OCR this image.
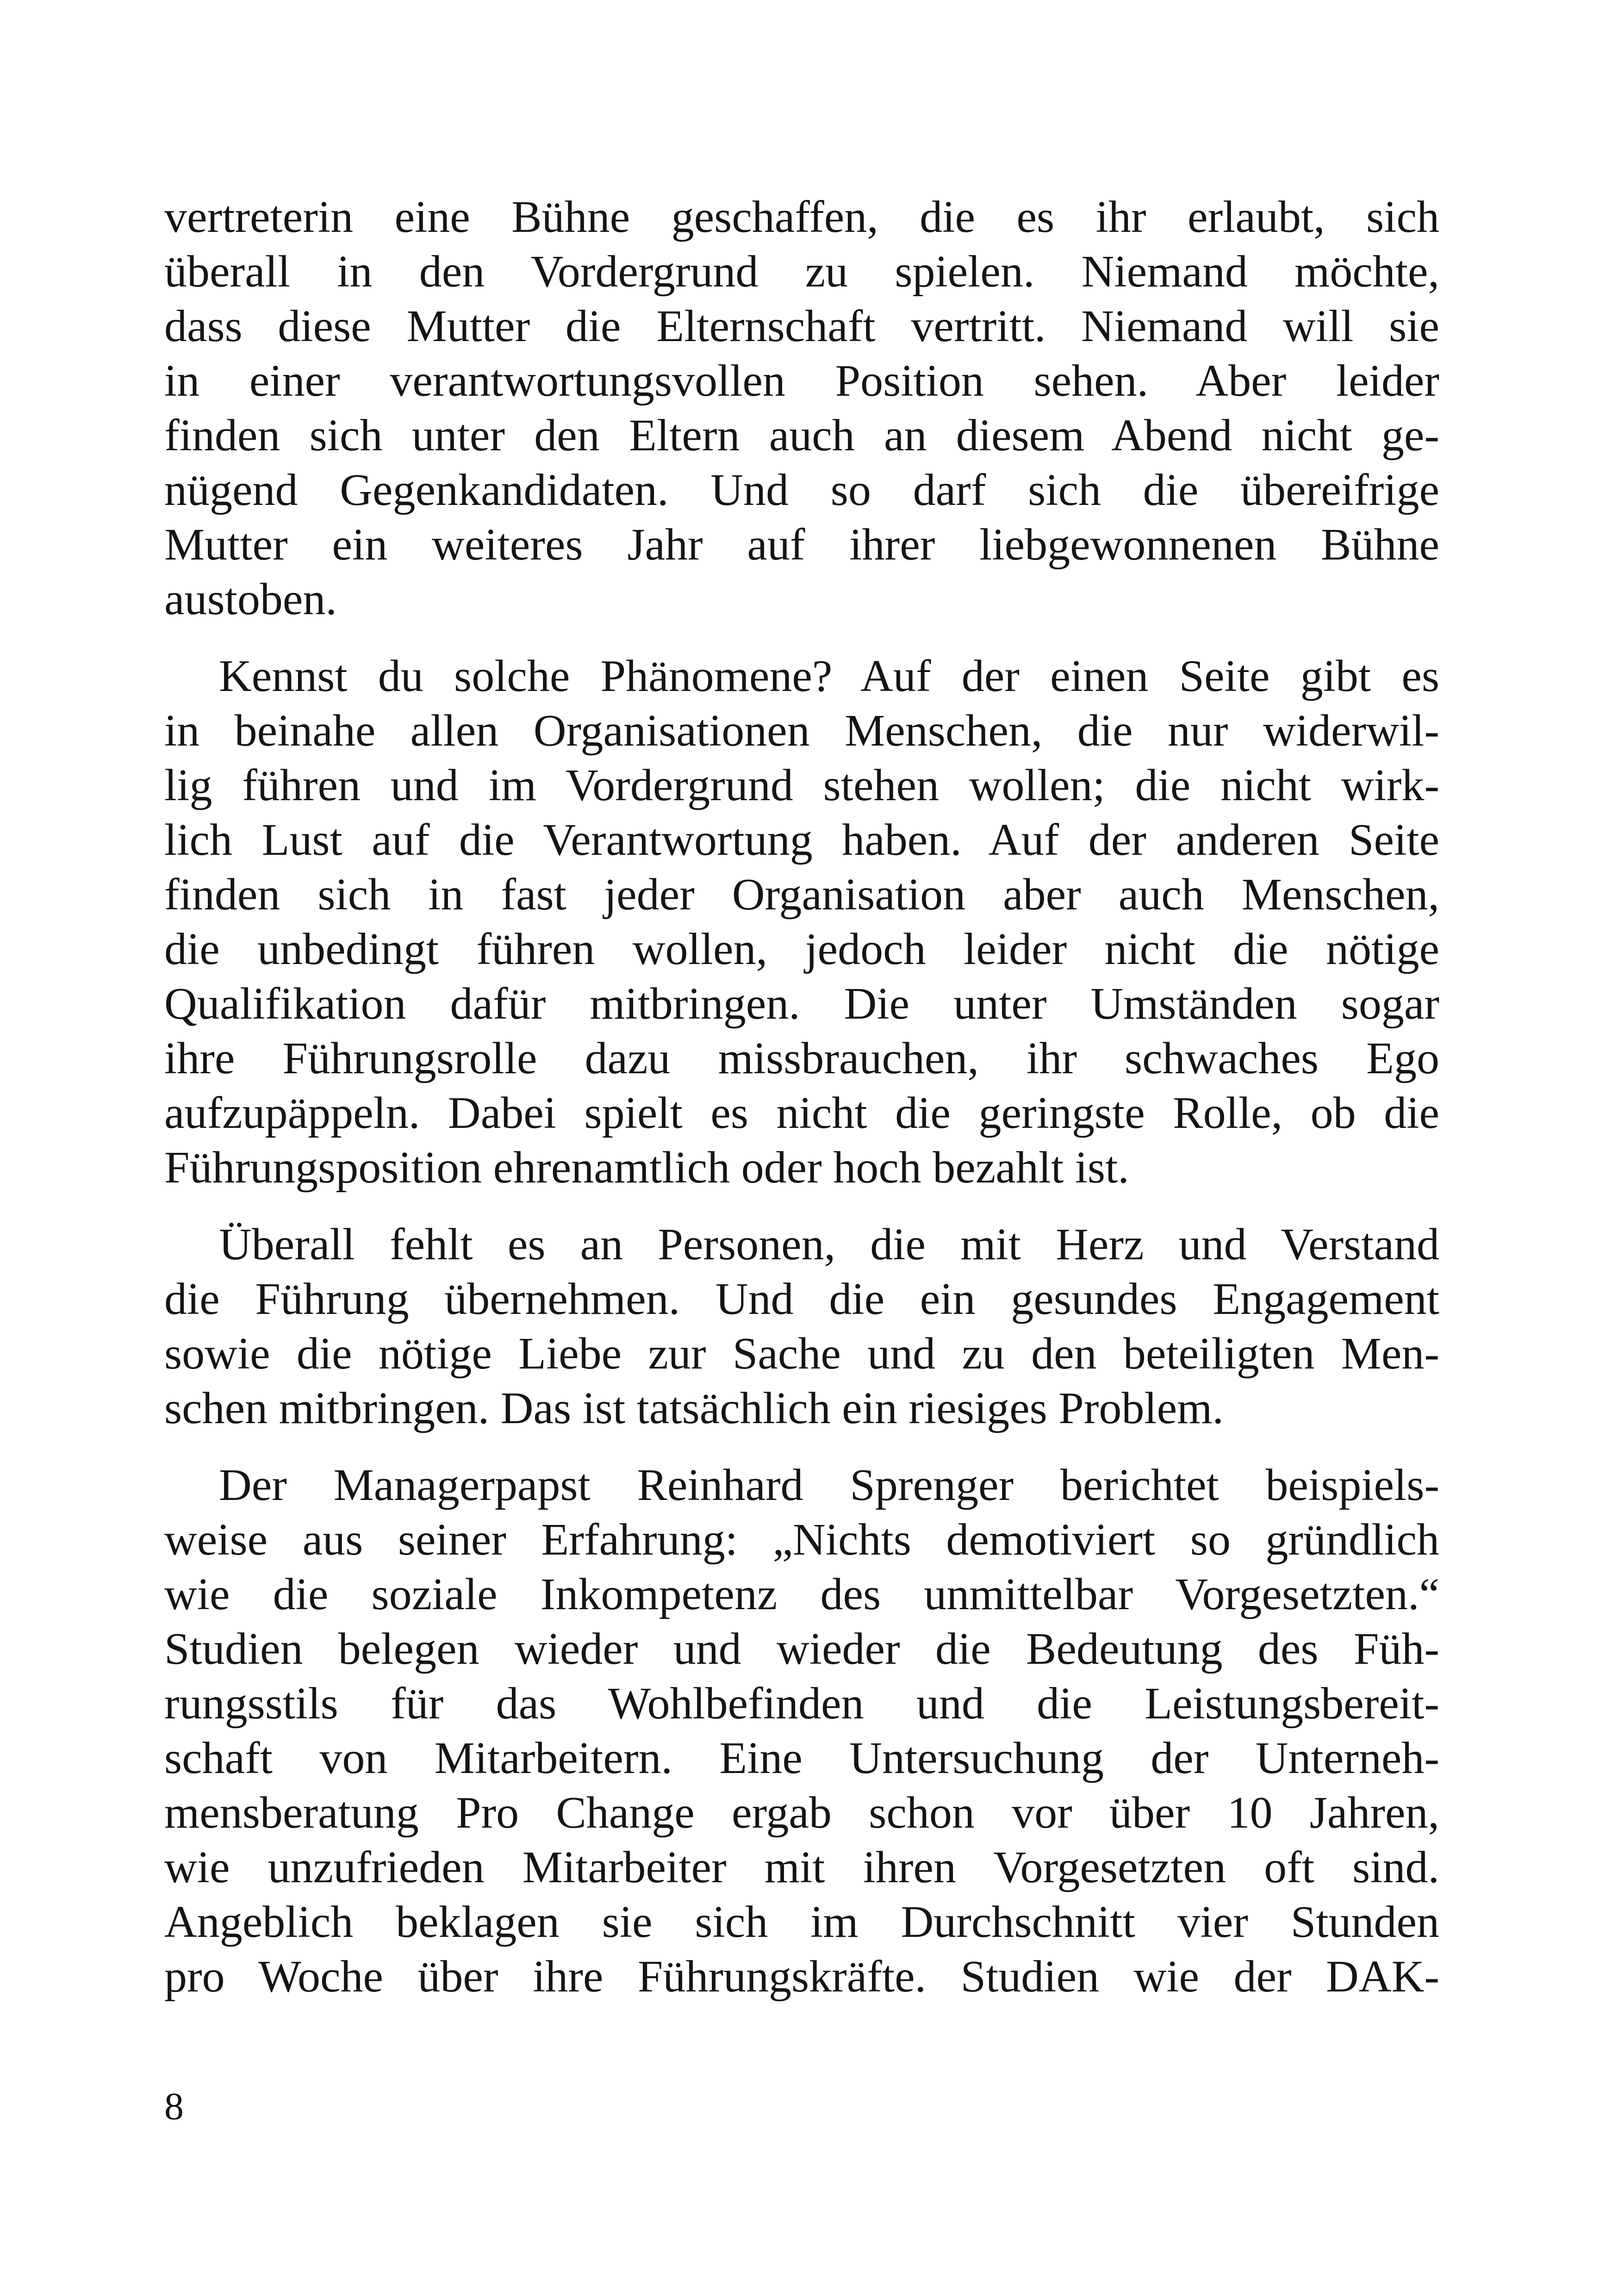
vertreterin eine Bühne geschaffen, die es ihr erlaubt, sich
überall in den Vordergrund zu spielen. Niemand möchte,
dass diese Mutter die Elternschaft vertritt. Niemand will sie
in einer verantwortungsvollen Position sehen. Aber leider
finden sich unter den Eltern auch an diesem Abend nicht ge-
nügend Gegenkandidaten. Und so darf sich die übereifrige
Mutter ein weiteres Jahr auf ihrer liebgewonnenen Bühne
austoben.
Kennst du solche Phänomene? Auf der einen Seite gibt es
in beinahe allen Organisationen Menschen, die nur widerwil-
lig führen und im Vordergrund stehen wollen; die nicht wirk-
lich Lust auf die Verantwortung haben. Auf der anderen Seite
finden sich in fast jeder Organisation aber auch Menschen,
die unbedingt führen wollen, jedoch leider nicht die nötige
Qualifikation dafür mitbringen. Die unter Umständen sogar
ihre Führungsrolle dazu missbrauchen, ihr schwaches Ego
aufzupäppeln. Dabei spielt es nicht die geringste Rolle, ob die
Führungsposition ehrenamtlich oder hoch bezahlt ist.
Überall fehlt es an Personen, die mit Herz und Verstand
die Führung übernehmen. Und die ein gesundes Engagement
sowie die nötige Liebe zur Sache und zu den beteiligten Men-
schen mitbringen. Das ist tatsächlich ein riesiges Problem.
Der Managerpapst Reinhard Sprenger berichtet beispiels-
weise aus seiner Erfahrung: „Nichts demotiviert so gründlich
wie die soziale Inkompetenz des unmittelbar Vorgesetzten.“
Studien belegen wieder und wieder die Bedeutung des Füh-
rungsstils für das Wohlbefinden und die Leistungsbereit-
schaft von Mitarbeitern. Eine Untersuchung der Unterneh-
mensberatung Pro Change ergab schon vor über 10 Jahren,
wie unzufrieden Mitarbeiter mit ihren Vorgesetzten oft sind.
Angeblich beklagen sie sich im Durchschnitt vier Stunden
pro Woche über ihre Führungskräfte. Studien wie der DAK-
8
